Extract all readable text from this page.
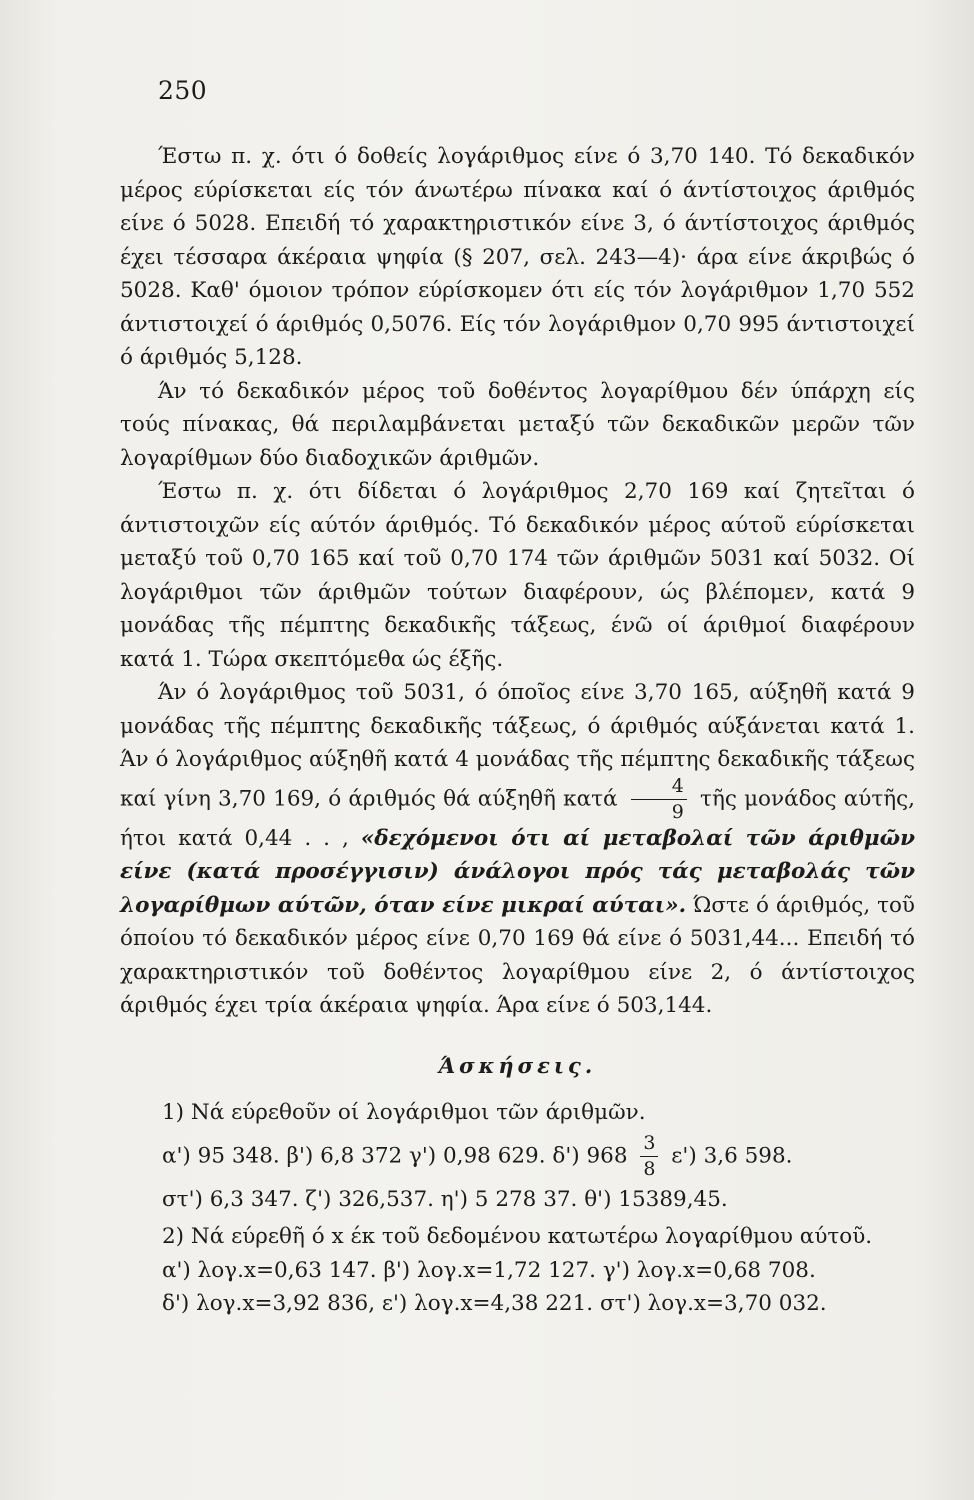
250

Έστω π. χ. ότι ό δοθείς λογάριθμος είνε ό 3,70 140. Τό δεκαδικόν μέρος εύρίσκεται είς τόν άνωτέρω πίνακα καί ό άντίστοιχος άριθμός είνε ό 5028. Επειδή τό χαρακτηριστικόν είνε 3, ό άντίστοιχος άριθμός έχει τέσσαρα άκέραια ψηφία (§ 207, σελ. 243—4)· άρα είνε άκριβώς ό 5028. Καθ' όμοιον τρόπον εύρίσκομεν ότι είς τόν λογάριθμον 1,70 552 άντιστοιχεί ό άριθμός 0,5076. Είς τόν λογάριθμον 0,70 995 άντιστοιχεί ό άριθμός 5,128.

Άν τό δεκαδικόν μέρος τοῦ δοθέντος λογαρίθμου δέν ύπάρχη είς τούς πίνακας, θά περιλαμβάνεται μεταξύ τῶν δεκαδικῶν μερῶν τῶν λογαρίθμων δύο διαδοχικῶν άριθμῶν.

Έστω π. χ. ότι δίδεται ό λογάριθμος 2,70 169 καί ζητεῖται ό άντιστοιχῶν είς αύτόν άριθμός. Τό δεκαδικόν μέρος αύτοῦ εύρίσκεται μεταξύ τοῦ 0,70 165 καί τοῦ 0,70 174 τῶν άριθμῶν 5031 καί 5032. Οί λογάριθμοι τῶν άριθμῶν τούτων διαφέρουν, ώς βλέπομεν, κατά 9 μονάδας τῆς πέμπτης δεκαδικῆς τάξεως, ένῶ οί άριθμοί διαφέρουν κατά 1. Τώρα σκεπτόμεθα ώς έξῆς.

Άν ό λογάριθμος τοῦ 5031, ό όποῖος είνε 3,70 165, αύξηθῆ κατά 9 μονάδας τῆς πέμπτης δεκαδικῆς τάξεως, ό άριθμός αύξάνεται κατά 1. Άν ό λογάριθμος αύξηθῆ κατά 4 μονάδας τῆς πέμπτης δεκαδικῆς τάξεως καί γίνη 3,70 169, ό άριθμός θά αύξηθῆ κατά $\frac{4}{9}$ τῆς μονάδος αύτῆς, ήτοι κατά 0,44 . . , «δεχόμενοι ότι αί μεταβολαί τῶν άριθμῶν είνε (κατά προσέγγισιν) άνάλογοι πρός τάς μεταβολάς τῶν λογαρίθμων αύτῶν, όταν είνε μικραί αύται». Ώστε ό άριθμός, τοῦ όποίου τό δεκαδικόν μέρος είνε 0,70 169 θά είνε ό 5031,44... Επειδή τό χαρακτηριστικόν τοῦ δοθέντος λογαρίθμου είνε 2, ό άντίστοιχος άριθμός έχει τρία άκέραια ψηφία. Άρα είνε ό 503,144.

Άσκήσεις.

1) Νά εύρεθοῦν οί λογάριθμοι τῶν άριθμῶν.

α') 95 348. β') 6,8 372 γ') 0,98 629. δ') $968 \frac{3}{8} \varepsilon'$) 3,6 598.

στ') 6,3 347. ζ') 326,537. η') 5 278 37. θ') 15389,45.

2) Νά εύρεθῆ ό x έκ τοῦ δεδομένου κατωτέρω λογαρίθμου αύτοῦ.

α') λογ.x=0,63 147. β') λογ.x=1,72 127. γ') λογ.x=0,68 708.

δ') λογ.x=3,92 836, ε') λογ.x=4,38 221. στ') λογ.x=3,70 032.
